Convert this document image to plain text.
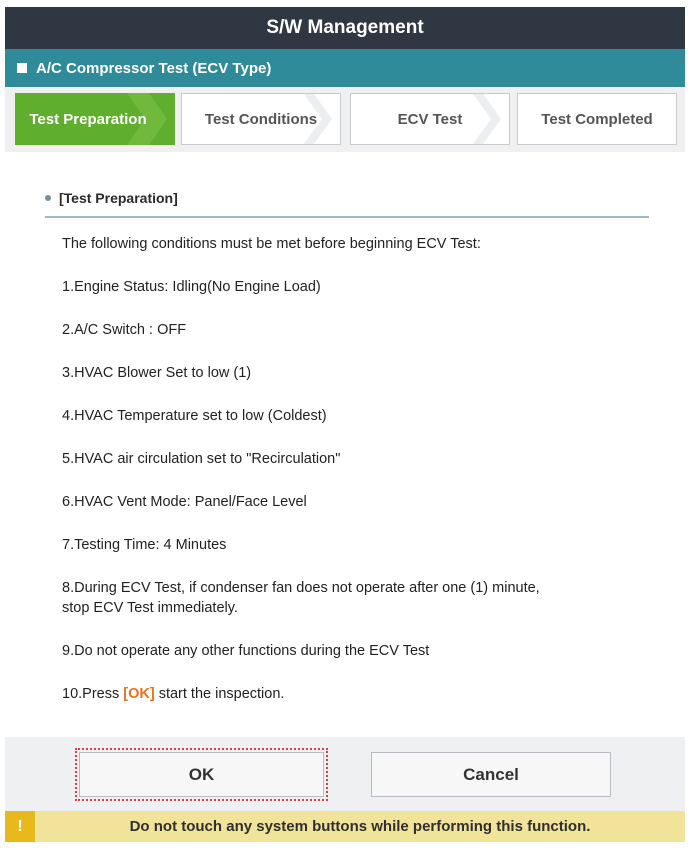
S/W Management
A/C Compressor Test (ECV Type)
Test Preparation	Test Conditions	ECV Test	Test Completed
[Test Preparation]
The following conditions must be met before beginning ECV Test:
1.Engine Status: Idling(No Engine Load)
2.A/C Switch : OFF
3.HVAC Blower Set to low (1)
4.HVAC Temperature set to low (Coldest)
5.HVAC air circulation set to "Recirculation"
6.HVAC Vent Mode: Panel/Face Level
7.Testing Time: 4 Minutes
8.During ECV Test, if condenser fan does not operate after one (1) minute,
stop ECV Test immediately.
9.Do not operate any other functions during the ECV Test
10.Press [OK] start the inspection.
OK	Cancel
!	Do not touch any system buttons while performing this function.
